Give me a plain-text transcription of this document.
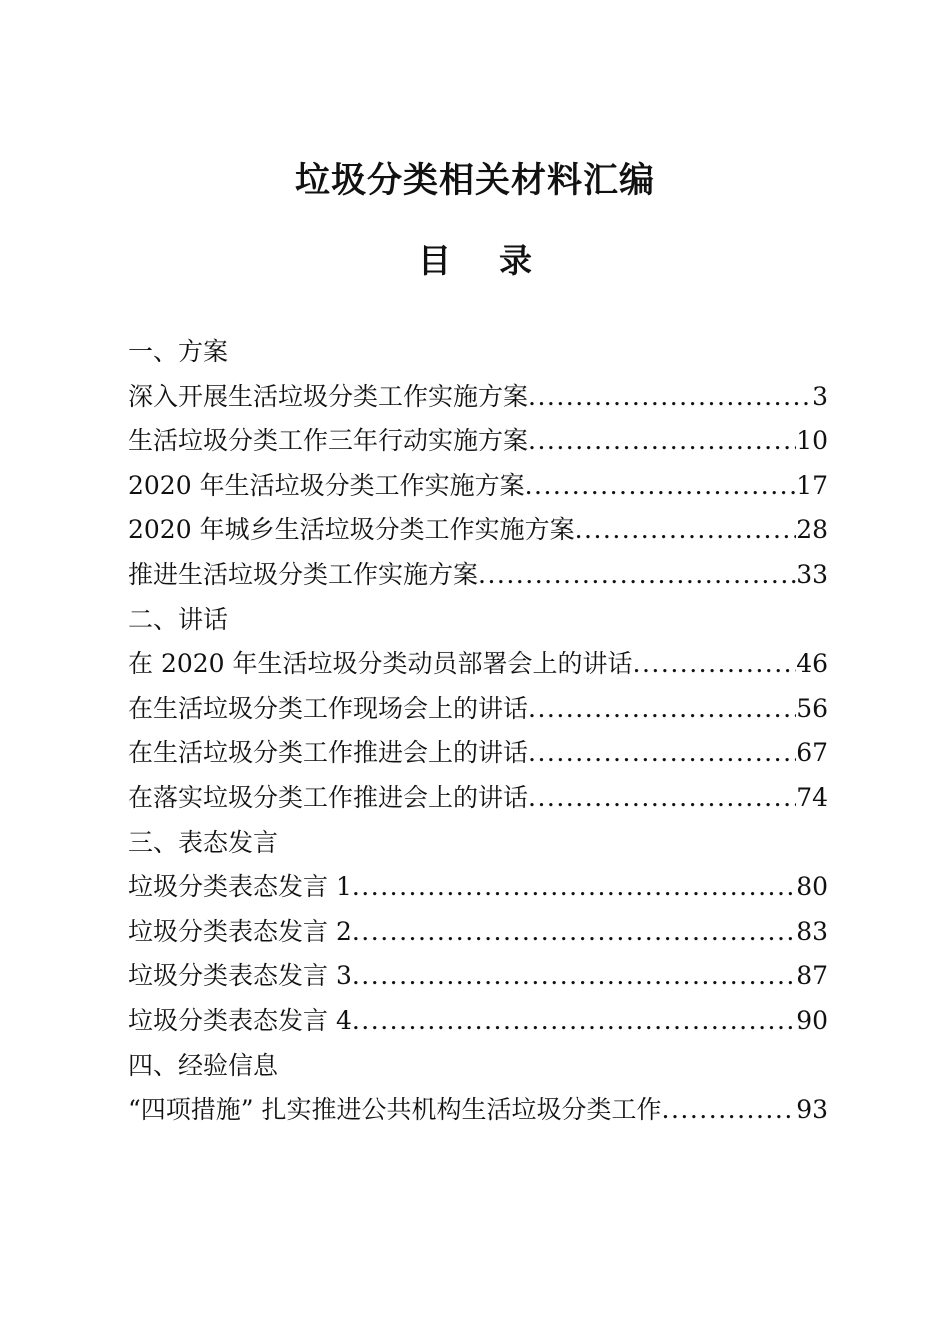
垃圾分类相关材料汇编
目录
一、方案
深入开展生活垃圾分类工作实施方案 .....	3
生活垃圾分类工作三年行动实施方案 .....	10
2020 年生活垃圾分类工作实施方案 .....	17
2020 年城乡生活垃圾分类工作实施方案 .....	28
推进生活垃圾分类工作实施方案 .....	33
二、讲话
在 2020 年生活垃圾分类动员部署会上的讲话 .....	46
在生活垃圾分类工作现场会上的讲话 .....	56
在生活垃圾分类工作推进会上的讲话 .....	67
在落实垃圾分类工作推进会上的讲话 .....	74
三、表态发言
垃圾分类表态发言 1 .....	80
垃圾分类表态发言 2 .....	83
垃圾分类表态发言 3 .....	87
垃圾分类表态发言 4 .....	90
四、经验信息
“四项措施” 扎实推进公共机构生活垃圾分类工作 .....	93
